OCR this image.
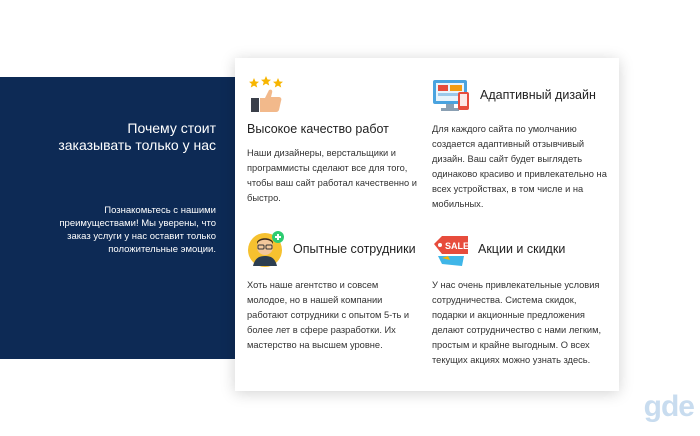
Почему стоит заказывать только у нас
Познакомьтесь с нашими преимуществами! Мы уверены, что заказ услуги у нас оставит только положительные эмоции.
Высокое качество работ

Наши дизайнеры, верстальщики и программисты сделают все для того, чтобы ваш сайт работал качественно и быстро.

Адаптивный дизайн

Для каждого сайта по умолчанию создается адаптивный отзывчивый дизайн. Ваш сайт будет выглядеть одинаково красиво и привлекательно на всех устройствах, в том числе и на мобильных.

Опытные сотрудники

Хоть наше агентство и совсем молодое, но в нашей компании работают сотрудники с опытом 5-ть и более лет в сфере разработки. Их мастерство на высшем уровне.

SALE Акции и скидки

У нас очень привлекательные условия сотрудничества. Система скидок, подарки и акционные предложения делают сотрудничество с нами легким, простым и крайне выгодным. О всех текущих акциях можно узнать здесь.

gde
